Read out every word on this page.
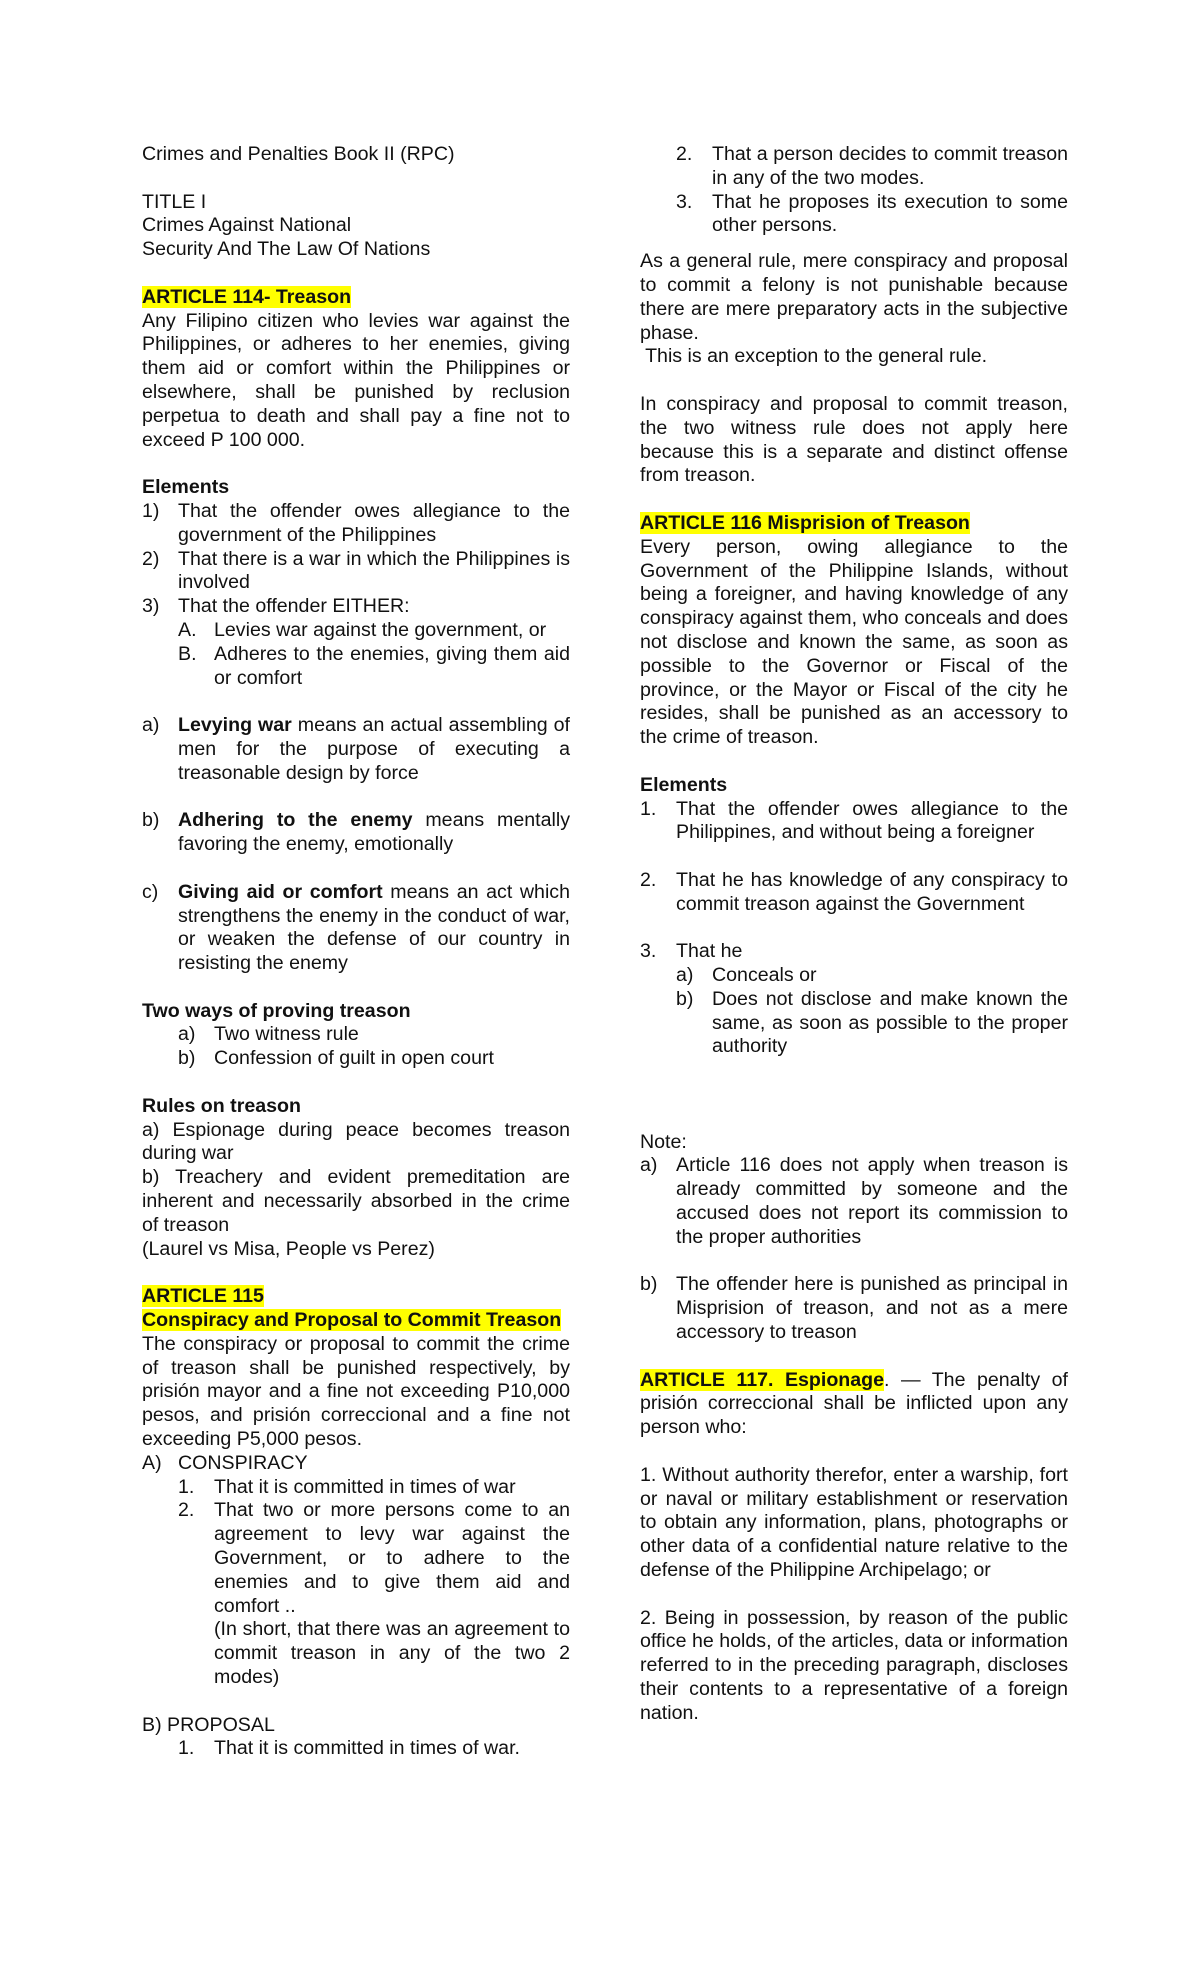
Crimes and Penalties Book II (RPC)

TITLE I

Crimes Against National

Security And The Law Of Nations

ARTICLE 114- Treason

Any Filipino citizen who levies war against the Philippines, or adheres to her enemies, giving them aid or comfort within the Philippines or elsewhere, shall be punished by reclusion perpetua to death and shall pay a fine not to exceed P 100 000.

Elements

1) That the offender owes allegiance to the government of the Philippines
2) That there is a war in which the Philippines is involved
3) That the offender EITHER:
A. Levies war against the government, or
B. Adheres to the enemies, giving them aid or comfort
a) Levying war means an actual assembling of men for the purpose of executing a treasonable design by force
b) Adhering to the enemy means mentally favoring the enemy, emotionally
c)	Giving aid or comfort means an act which strengthens the enemy in the conduct of war, or weaken the defense of our country in resisting the enemy

Two ways of proving treason

a) Two witness rule
b) Confession of guilt in open court

Rules on treason

a) Espionage during peace becomes treason during war

b) Treachery and evident premeditation are inherent and necessarily absorbed in the crime of treason

(Laurel vs Misa, People vs Perez)

ARTICLE 115

Conspiracy and Proposal to Commit Treason

The conspiracy or proposal to commit the crime of treason shall be punished respectively, by prisión mayor and a fine not exceeding P10,000 pesos, and prisión correccional and a fine not exceeding P5,000 pesos.

A) CONSPIRACY
1.	That it is committed in times of war
2.	That two or more persons come to an agreement to levy war against the Government, or to adhere to the enemies and to give them aid and comfort ..
(In short, that there was an agreement to commit treason in any of the two 2 modes)

B) PROPOSAL

1.	That it is committed in times of war.
2.	That a person decides to commit treason in any of the two modes.
3.	That he proposes its execution to some other persons.

As a general rule, mere conspiracy and proposal to commit a felony is not punishable because there are mere preparatory acts in the subjective phase.

This is an exception to the general rule.

In conspiracy and proposal to commit treason, the two witness rule does not apply here because this is a separate and distinct offense from treason.

ARTICLE 116 Misprision of Treason

Every person, owing allegiance to the Government of the Philippine Islands, without being a foreigner, and having knowledge of any conspiracy against them, who conceals and does not disclose and known the same, as soon as possible to the Governor or Fiscal of the province, or the Mayor or Fiscal of the city he resides, shall be punished as an accessory to the crime of treason.

Elements

1.	That the offender owes allegiance to the Philippines, and without being a foreigner
2.	That he has knowledge of any conspiracy to commit treason against the Government
3.	That he
a) Conceals or
b) Does not disclose and make known the same, as soon as possible to the proper authority

Note:

a) Article 116 does not apply when treason is already committed by someone and the accused does not report its commission to the proper authorities
b) The offender here is punished as principal in Misprision of treason, and not as a mere accessory to treason

ARTICLE 117. Espionage. — The penalty of prisión correccional shall be inflicted upon any person who:

1. Without authority therefor, enter a warship, fort or naval or military establishment or reservation to obtain any information, plans, photographs or other data of a confidential nature relative to the defense of the Philippine Archipelago; or

2. Being in possession, by reason of the public office he holds, of the articles, data or information referred to in the preceding paragraph, discloses their contents to a representative of a foreign nation.
